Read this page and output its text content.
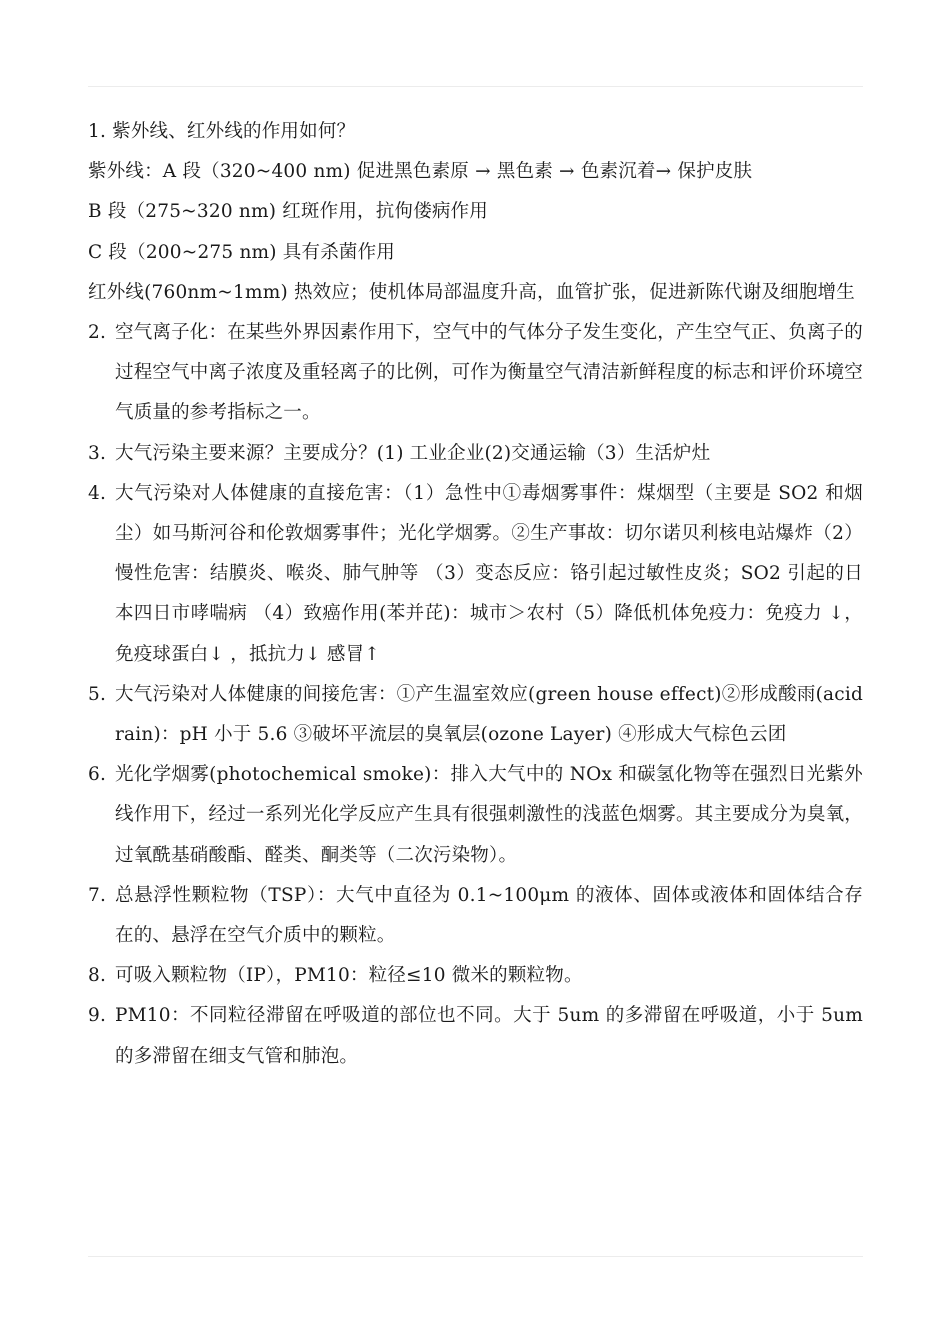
1. 紫外线、红外线的作用如何？
紫外线：A 段（320~400 nm) 促进黑色素原 → 黑色素 → 色素沉着→ 保护皮肤
B 段（275~320 nm) 红斑作用，抗佝偻病作用
C 段（200~275 nm) 具有杀菌作用
红外线(760nm~1mm) 热效应；使机体局部温度升高，血管扩张，促进新陈代谢及细胞增生
2. 空气离子化：在某些外界因素作用下，空气中的气体分子发生变化，产生空气正、负离子的过程空气中离子浓度及重轻离子的比例，可作为衡量空气清洁新鲜程度的标志和评价环境空气质量的参考指标之一。
3. 大气污染主要来源？主要成分？(1) 工业企业(2)交通运输（3）生活炉灶
4. 大气污染对人体健康的直接危害：（1）急性中①毒烟雾事件：煤烟型（主要是 SO2 和烟尘）如马斯河谷和伦敦烟雾事件；光化学烟雾。②生产事故：切尔诺贝利核电站爆炸（2）慢性危害：结膜炎、喉炎、肺气肿等 （3）变态反应：铬引起过敏性皮炎；SO2 引起的日本四日市哮喘病 （4）致癌作用(苯并芘)：城市＞农村（5）降低机体免疫力：免疫力 ↓，免疫球蛋白↓ ，抵抗力↓ 感冒↑
5. 大气污染对人体健康的间接危害：①产生温室效应(green house effect)②形成酸雨(acid rain)：pH 小于 5.6 ③破坏平流层的臭氧层(ozone Layer) ④形成大气棕色云团
6. 光化学烟雾(photochemical smoke)：排入大气中的 NOx 和碳氢化物等在强烈日光紫外线作用下，经过一系列光化学反应产生具有很强刺激性的浅蓝色烟雾。其主要成分为臭氧，过氧酰基硝酸酯、醛类、酮类等（二次污染物）。
7. 总悬浮性颗粒物（TSP）：大气中直径为 0.1~100μm 的液体、固体或液体和固体结合存在的、悬浮在空气介质中的颗粒。
8. 可吸入颗粒物（IP），PM10：粒径≤10 微米的颗粒物。
9. PM10：不同粒径滞留在呼吸道的部位也不同。大于 5um 的多滞留在呼吸道，小于 5um 的多滞留在细支气管和肺泡。
